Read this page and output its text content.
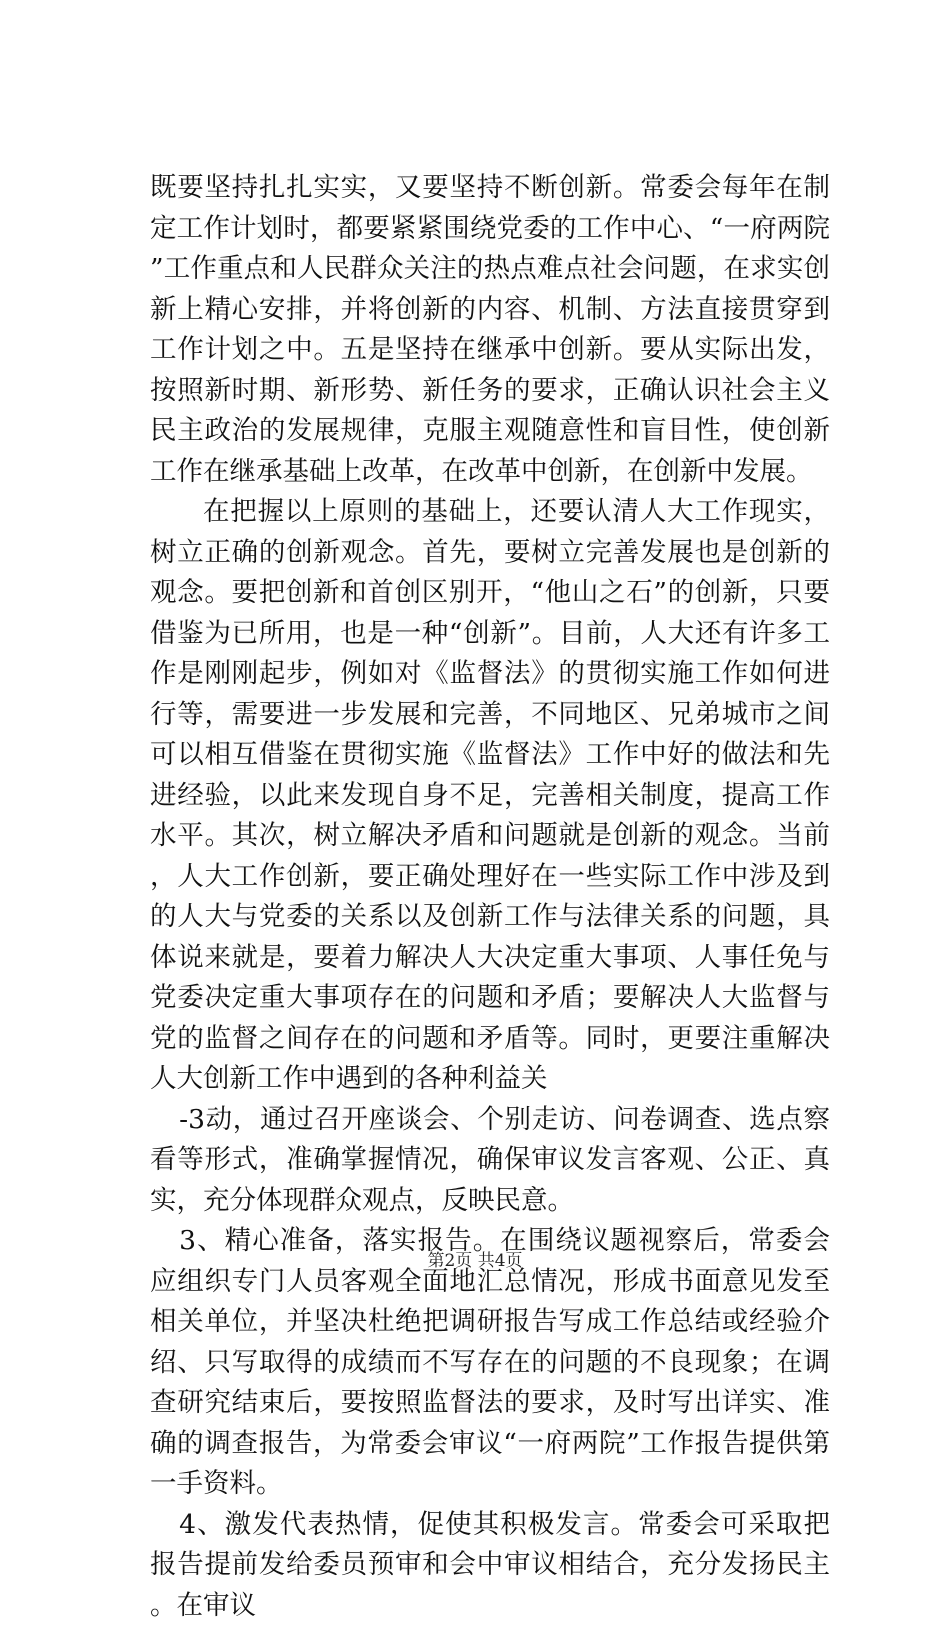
既要坚持扎扎实实，又要坚持不断创新。常委会每年在制定工作计划时，都要紧紧围绕党委的工作中心、“一府两院”工作重点和人民群众关注的热点难点社会问题，在求实创新上精心安排，并将创新的内容、机制、方法直接贯穿到工作计划之中。五是坚持在继承中创新。要从实际出发，按照新时期、新形势、新任务的要求，正确认识社会主义民主政治的发展规律，克服主观随意性和盲目性，使创新工作在继承基础上改革，在改革中创新，在创新中发展。

在把握以上原则的基础上，还要认清人大工作现实，树立正确的创新观念。首先，要树立完善发展也是创新的观念。要把创新和首创区别开，“他山之石”的创新，只要借鉴为已所用，也是一种“创新”。目前，人大还有许多工作是刚刚起步，例如对《监督法》的贯彻实施工作如何进行等，需要进一步发展和完善，不同地区、兄弟城市之间可以相互借鉴在贯彻实施《监督法》工作中好的做法和先进经验，以此来发现自身不足，完善相关制度，提高工作水平。其次，树立解决矛盾和问题就是创新的观念。当前，人大工作创新，要正确处理好在一些实际工作中涉及到的人大与党委的关系以及创新工作与法律关系的问题，具体说来就是，要着力解决人大决定重大事项、人事任免与党委决定重大事项存在的问题和矛盾；要解决人大监督与党的监督之间存在的问题和矛盾等。同时，更要注重解决人大创新工作中遇到的各种利益关

-3动，通过召开座谈会、个别走访、问卷调查、选点察看等形式，准确掌握情况，确保审议发言客观、公正、真实，充分体现群众观点，反映民意。

3、精心准备，落实报告。在围绕议题视察后，常委会应组织专门人员客观全面地汇总情况，形成书面意见发至相关单位，并坚决杜绝把调研报告写成工作总结或经验介绍、只写取得的成绩而不写存在的问题的不良现象；在调查研究结束后，要按照监督法的要求，及时写出详实、准确的调查报告，为常委会审议“一府两院”工作报告提供第一手资料。

4、激发代表热情，促使其积极发言。常委会可采取把报告提前发给委员预审和会中审议相结合，充分发扬民主。在审议

第2页 共4页
